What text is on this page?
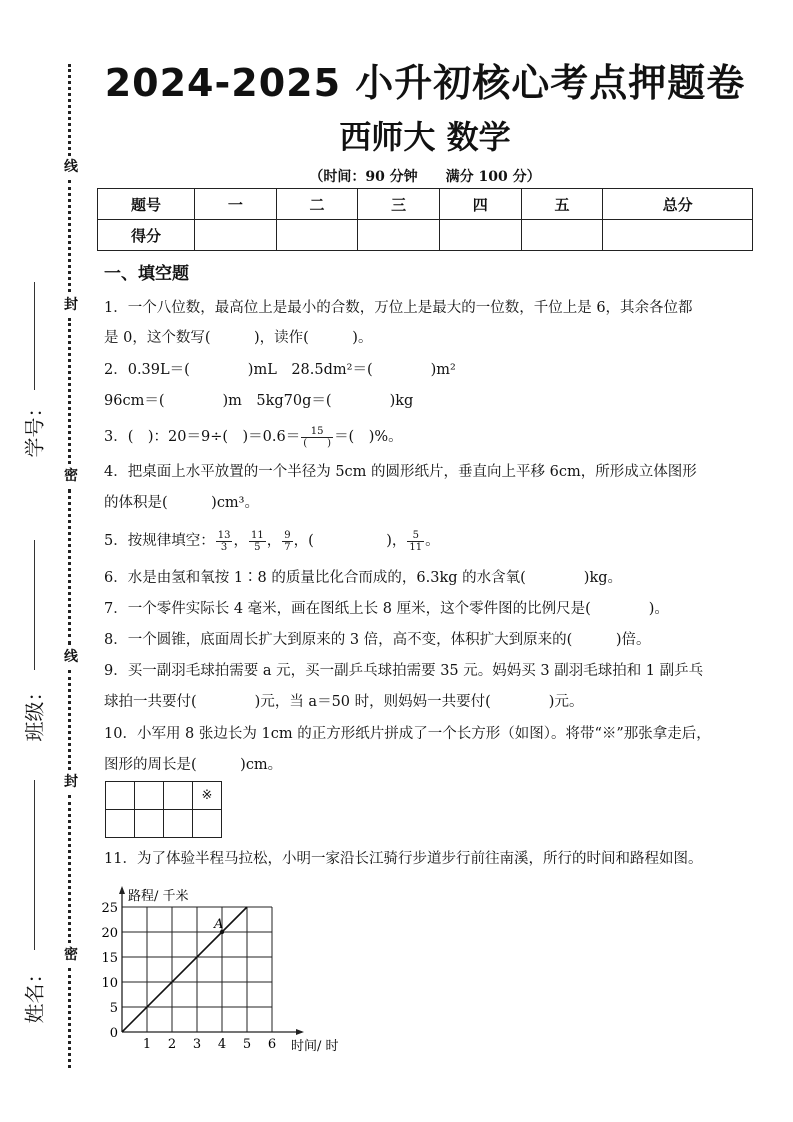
线
封
密
线
封
密
学号：
班级：
姓名：
2024-2025 小升初核心考点押题卷
西师大 数学
（时间：90 分钟　　满分 100 分）
题号	一	二	三	四	五	总分
得分						
一、填空题
1．一个八位数，最高位上是最小的合数，万位上是最大的一位数，千位上是 6，其余各位都
是 0，这个数写(　　　)，读作(　　　)。
2．0.39L＝(　　　　)mL　28.5dm²＝(　　　　)m²
96cm＝(　　　　)m　5kg70g＝(　　　　)kg
3．(　)：20＝9÷(　)$=0.6= \frac{15}{( )}$ ＝(　)%。
4．把桌面上水平放置的一个半径为 5cm 的圆形纸片，垂直向上平移 6cm，所形成立体图形
的体积是(　　　)cm³。
5．按规律填空： $\frac{13}{3}$ ， $\frac{11}{5}$ ， $\frac{9}{7}$ ，(　　　　　)， $\frac{5}{11}$ 。
6．水是由氢和氧按 1∶8 的质量比化合而成的，6.3kg 的水含氧(　　　　)kg。
7．一个零件实际长 4 毫米，画在图纸上长 8 厘米，这个零件图的比例尺是(　　　　)。
8．一个圆锥，底面周长扩大到原来的 3 倍，高不变，体积扩大到原来的(　　　)倍。
9．买一副羽毛球拍需要 a 元，买一副乒乓球拍需要 35 元。妈妈买 3 副羽毛球拍和 1 副乒乓
球拍一共要付(　　　　)元，当 a＝50 时，则妈妈一共要付(　　　　)元。
10．小军用 8 张边长为 1cm 的正方形纸片拼成了一个长方形（如图）。将带“※”那张拿走后，
图形的周长是(　　　)cm。
			※

11．为了体验半程马拉松，小明一家沿长江骑行步道步行前往南溪，所行的时间和路程如图。
1 2 3 4 5 6
0
5
10
15
20
25
路程/ 千米
时间/ 时
A
